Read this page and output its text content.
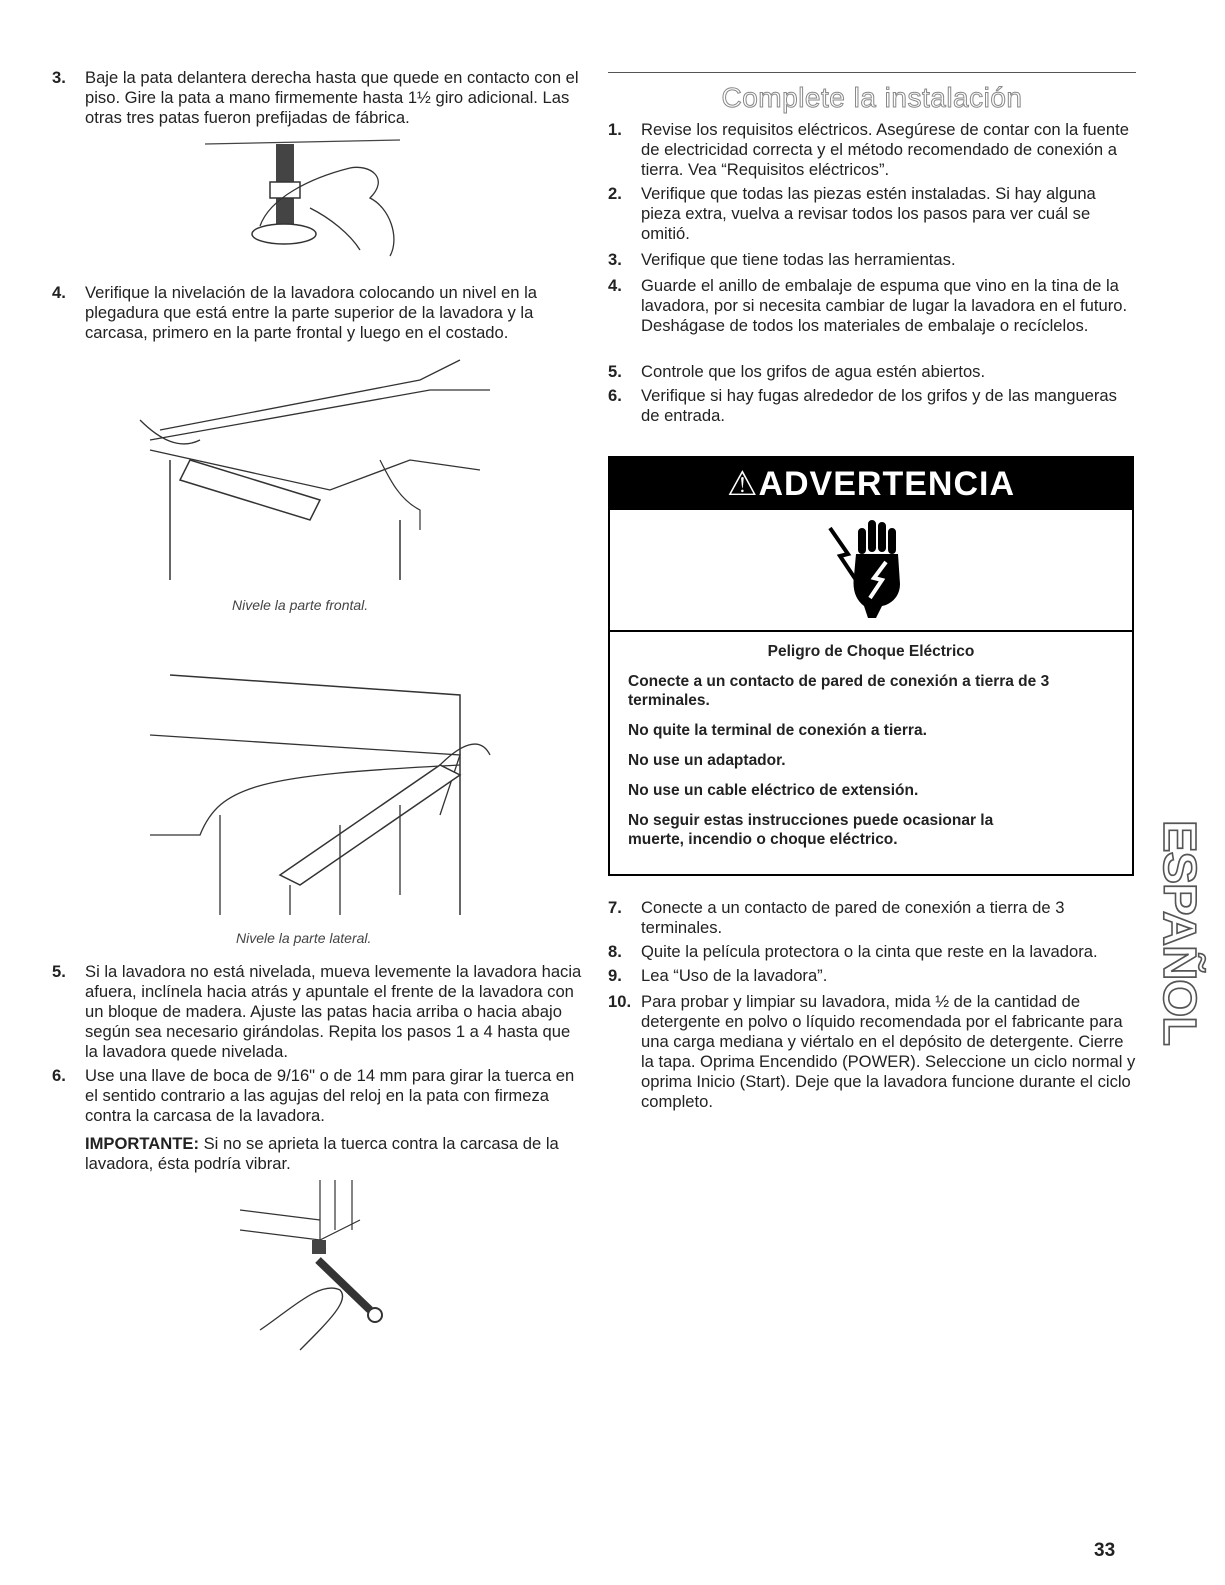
3.	Baje la pata delantera derecha hasta que quede en contacto con el piso. Gire la pata a mano firmemente hasta 1½ giro adicional. Las otras tres patas fueron prefijadas de fábrica.
4.	Verifique la nivelación de la lavadora colocando un nivel en la plegadura que está entre la parte superior de la lavadora y la carcasa, primero en la parte frontal y luego en el costado.
Nivele la parte frontal.
Nivele la parte lateral.
5.	Si la lavadora no está nivelada, mueva levemente la lavadora hacia afuera, inclínela hacia atrás y apuntale el frente de la lavadora con un bloque de madera. Ajuste las patas hacia arriba o hacia abajo según sea necesario girándolas. Repita los pasos 1 a 4 hasta que la lavadora quede nivelada.
6.	Use una llave de boca de 9/16" o de 14 mm para girar la tuerca en el sentido contrario a las agujas del reloj en la pata con firmeza contra la carcasa de la lavadora.
IMPORTANTE: Si no se aprieta la tuerca contra la carcasa de la lavadora, ésta podría vibrar.
Complete la instalación
1.	Revise los requisitos eléctricos. Asegúrese de contar con la fuente de electricidad correcta y el método recomendado de conexión a tierra. Vea “Requisitos eléctricos”.
2.	Verifique que todas las piezas estén instaladas. Si hay alguna pieza extra, vuelva a revisar todos los pasos para ver cuál se omitió.
3.	Verifique que tiene todas las herramientas.
4.	Guarde el anillo de embalaje de espuma que vino en la tina de la lavadora, por si necesita cambiar de lugar la lavadora en el futuro. Deshágase de todos los materiales de embalaje o recíclelos.
5.	Controle que los grifos de agua estén abiertos.
6.	Verifique si hay fugas alrededor de los grifos y de las mangueras de entrada.
⚠ADVERTENCIA

Peligro de Choque Eléctrico

Conecte a un contacto de pared de conexión a tierra de 3 terminales.

No quite la terminal de conexión a tierra.

No use un adaptador.

No use un cable eléctrico de extensión.

No seguir estas instrucciones puede ocasionar la muerte, incendio o choque eléctrico.

7.	Conecte a un contacto de pared de conexión a tierra de 3 terminales.
8.	Quite la película protectora o la cinta que reste en la lavadora.
9.	Lea “Uso de la lavadora”.
10. Para probar y limpiar su lavadora, mida ½ de la cantidad de detergente en polvo o líquido recomendada por el fabricante para una carga mediana y viértalo en el depósito de detergente. Cierre la tapa. Oprima Encendido (POWER). Seleccione un ciclo normal y oprima Inicio (Start). Deje que la lavadora funcione durante el ciclo completo.
ESPAÑOL
33
